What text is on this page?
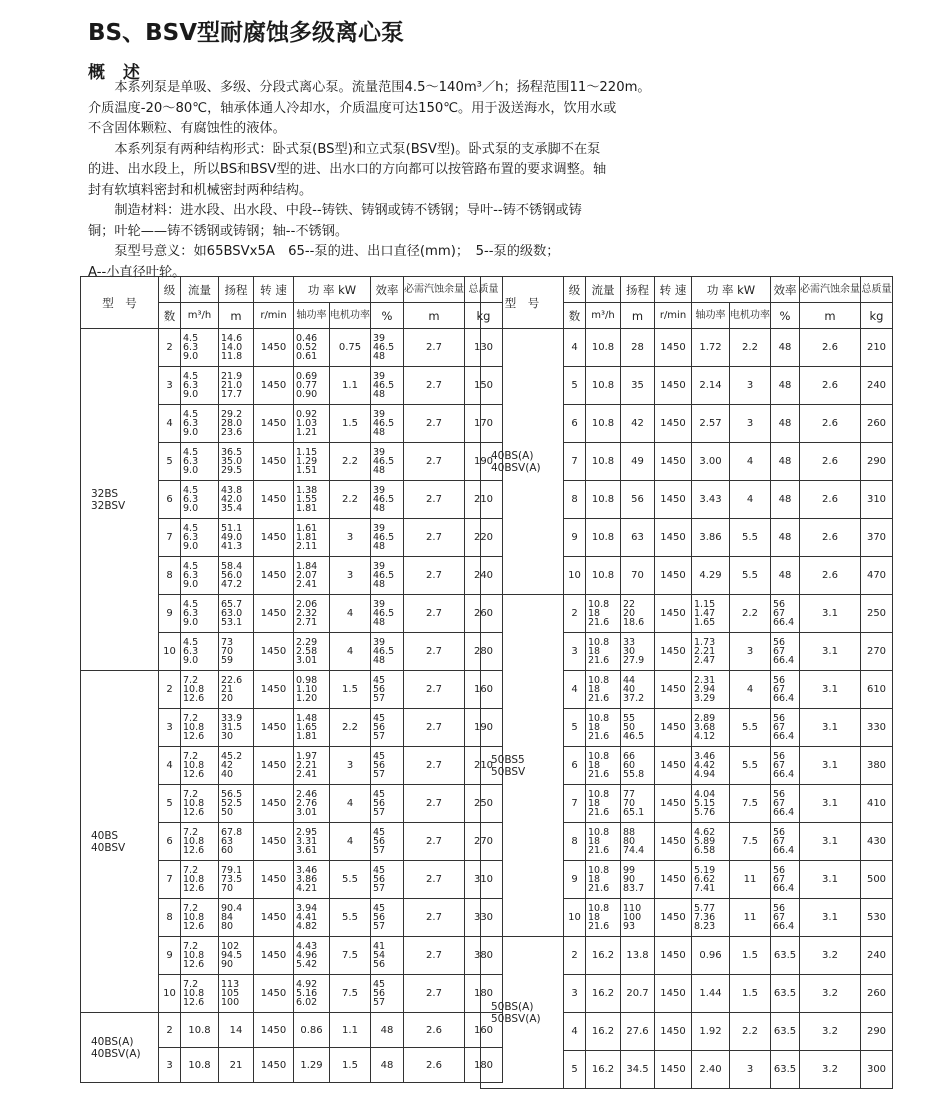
BS、BSV型耐腐蚀多级离心泵
概 述

　　本系列泵是单吸、多级、分段式离心泵。流量范围4.5～140m³／h；扬程范围11～220m。

介质温度-20～80℃，轴承体通人冷却水，介质温度可达150℃。用于汲送海水，饮用水或

不含固体颗粒、有腐蚀性的液体。

　　本系列泵有两种结构形式：卧式泵(BS型)和立式泵(BSV型)。卧式泵的支承脚不在泵

的进、出水段上，所以BS和BSV型的进、出水口的方向都可以按管路布置的要求调整。轴

封有软填料密封和机械密封两种结构。

　　制造材料：进水段、出水段、中段--铸铁、铸钢或铸不锈钢；导叶--铸不锈钢或铸

铜；叶轮——铸不锈钢或铸钢；轴--不锈钢。

　　泵型号意义：如65BSVx5A　65--泵的进、出口直径(mm)；　5--泵的级数；

A--小直径叶轮。

型　号	级	流量	扬程	转 速	功 率 kW		效率	必需汽蚀余量	总质量
	数	m³/h	m	r/min	轴功率	电机功率	%	m	kg
32BS
32BSV	2	4.5
6.3
9.0	14.6
14.0
11.8	1450	0.46
0.52
0.61	0.75	39
46.5
48	2.7	130
	3	4.5
6.3
9.0	21.9
21.0
17.7	1450	0.69
0.77
0.90	1.1	39
46.5
48	2.7	150
	4	4.5
6.3
9.0	29.2
28.0
23.6	1450	0.92
1.03
1.21	1.5	39
46.5
48	2.7	170
	5	4.5
6.3
9.0	36.5
35.0
29.5	1450	1.15
1.29
1.51	2.2	39
46.5
48	2.7	190
	6	4.5
6.3
9.0	43.8
42.0
35.4	1450	1.38
1.55
1.81	2.2	39
46.5
48	2.7	210
	7	4.5
6.3
9.0	51.1
49.0
41.3	1450	1.61
1.81
2.11	3	39
46.5
48	2.7	220
	8	4.5
6.3
9.0	58.4
56.0
47.2	1450	1.84
2.07
2.41	3	39
46.5
48	2.7	240
	9	4.5
6.3
9.0	65.7
63.0
53.1	1450	2.06
2.32
2.71	4	39
46.5
48	2.7	260
	10	4.5
6.3
9.0	73
70
59	1450	2.29
2.58
3.01	4	39
46.5
48	2.7	280
40BS
40BSV	2	7.2
10.8
12.6	22.6
21
20	1450	0.98
1.10
1.20	1.5	45
56
57	2.7	160
	3	7.2
10.8
12.6	33.9
31.5
30	1450	1.48
1.65
1.81	2.2	45
56
57	2.7	190
	4	7.2
10.8
12.6	45.2
42
40	1450	1.97
2.21
2.41	3	45
56
57	2.7	210
	5	7.2
10.8
12.6	56.5
52.5
50	1450	2.46
2.76
3.01	4	45
56
57	2.7	250
	6	7.2
10.8
12.6	67.8
63
60	1450	2.95
3.31
3.61	4	45
56
57	2.7	270
	7	7.2
10.8
12.6	79.1
73.5
70	1450	3.46
3.86
4.21	5.5	45
56
57	2.7	310
	8	7.2
10.8
12.6	90.4
84
80	1450	3.94
4.41
4.82	5.5	45
56
57	2.7	330
	9	7.2
10.8
12.6	102
94.5
90	1450	4.43
4.96
5.42	7.5	41
54
56	2.7	380
	10	7.2
10.8
12.6	113
105
100	1450	4.92
5.16
6.02	7.5	45
56
57	2.7	180
40BS(A)
40BSV(A)	2	10.8	14	1450	0.86	1.1	48	2.6	160
	3	10.8	21	1450	1.29	1.5	48	2.6	180
型　号	级	流量	扬程	转 速	功 率 kW		效率	必需汽蚀余量	总质量
	数	m³/h	m	r/min	轴功率	电机功率	%	m	kg
40BS(A)
40BSV(A)	4	10.8	28	1450	1.72	2.2	48	2.6	210
	5	10.8	35	1450	2.14	3	48	2.6	240
	6	10.8	42	1450	2.57	3	48	2.6	260
	7	10.8	49	1450	3.00	4	48	2.6	290
	8	10.8	56	1450	3.43	4	48	2.6	310
	9	10.8	63	1450	3.86	5.5	48	2.6	370
	10	10.8	70	1450	4.29	5.5	48	2.6	470
50BS5
50BSV	2	10.8
18
21.6	22
20
18.6	1450	1.15
1.47
1.65	2.2	56
67
66.4	3.1	250
	3	10.8
18
21.6	33
30
27.9	1450	1.73
2.21
2.47	3	56
67
66.4	3.1	270
	4	10.8
18
21.6	44
40
37.2	1450	2.31
2.94
3.29	4	56
67
66.4	3.1	610
	5	10.8
18
21.6	55
50
46.5	1450	2.89
3.68
4.12	5.5	56
67
66.4	3.1	330
	6	10.8
18
21.6	66
60
55.8	1450	3.46
4.42
4.94	5.5	56
67
66.4	3.1	380
	7	10.8
18
21.6	77
70
65.1	1450	4.04
5.15
5.76	7.5	56
67
66.4	3.1	410
	8	10.8
18
21.6	88
80
74.4	1450	4.62
5.89
6.58	7.5	56
67
66.4	3.1	430
	9	10.8
18
21.6	99
90
83.7	1450	5.19
6.62
7.41	11	56
67
66.4	3.1	500
	10	10.8
18
21.6	110
100
93	1450	5.77
7.36
8.23	11	56
67
66.4	3.1	530
50BS(A)
50BSV(A)	2	16.2	13.8	1450	0.96	1.5	63.5	3.2	240
	3	16.2	20.7	1450	1.44	1.5	63.5	3.2	260
	4	16.2	27.6	1450	1.92	2.2	63.5	3.2	290
	5	16.2	34.5	1450	2.40	3	63.5	3.2	300
